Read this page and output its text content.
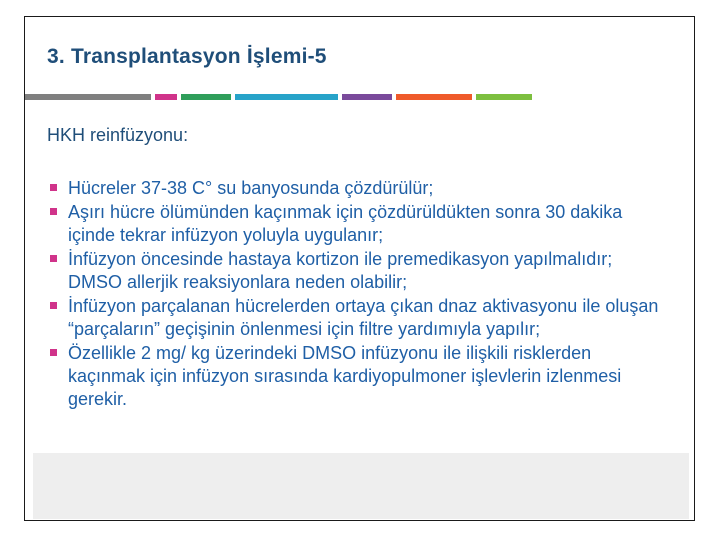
3. Transplantasyon İşlemi-5

HKH reinfüzyonu:

Hücreler 37-38 C° su banyosunda çözdürülür;
Aşırı hücre ölümünden kaçınmak için çözdürüldükten sonra 30 dakika içinde tekrar infüzyon yoluyla uygulanır;
İnfüzyon öncesinde hastaya kortizon ile premedikasyon yapılmalıdır; DMSO allerjik reaksiyonlara neden olabilir;
İnfüzyon parçalanan hücrelerden ortaya çıkan dnaz aktivasyonu ile oluşan “parçaların” geçişinin önlenmesi için filtre yardımıyla yapılır;
Özellikle 2 mg/ kg üzerindeki DMSO infüzyonu ile ilişkili risklerden kaçınmak için infüzyon sırasında kardiyopulmoner işlevlerin izlenmesi gerekir.
